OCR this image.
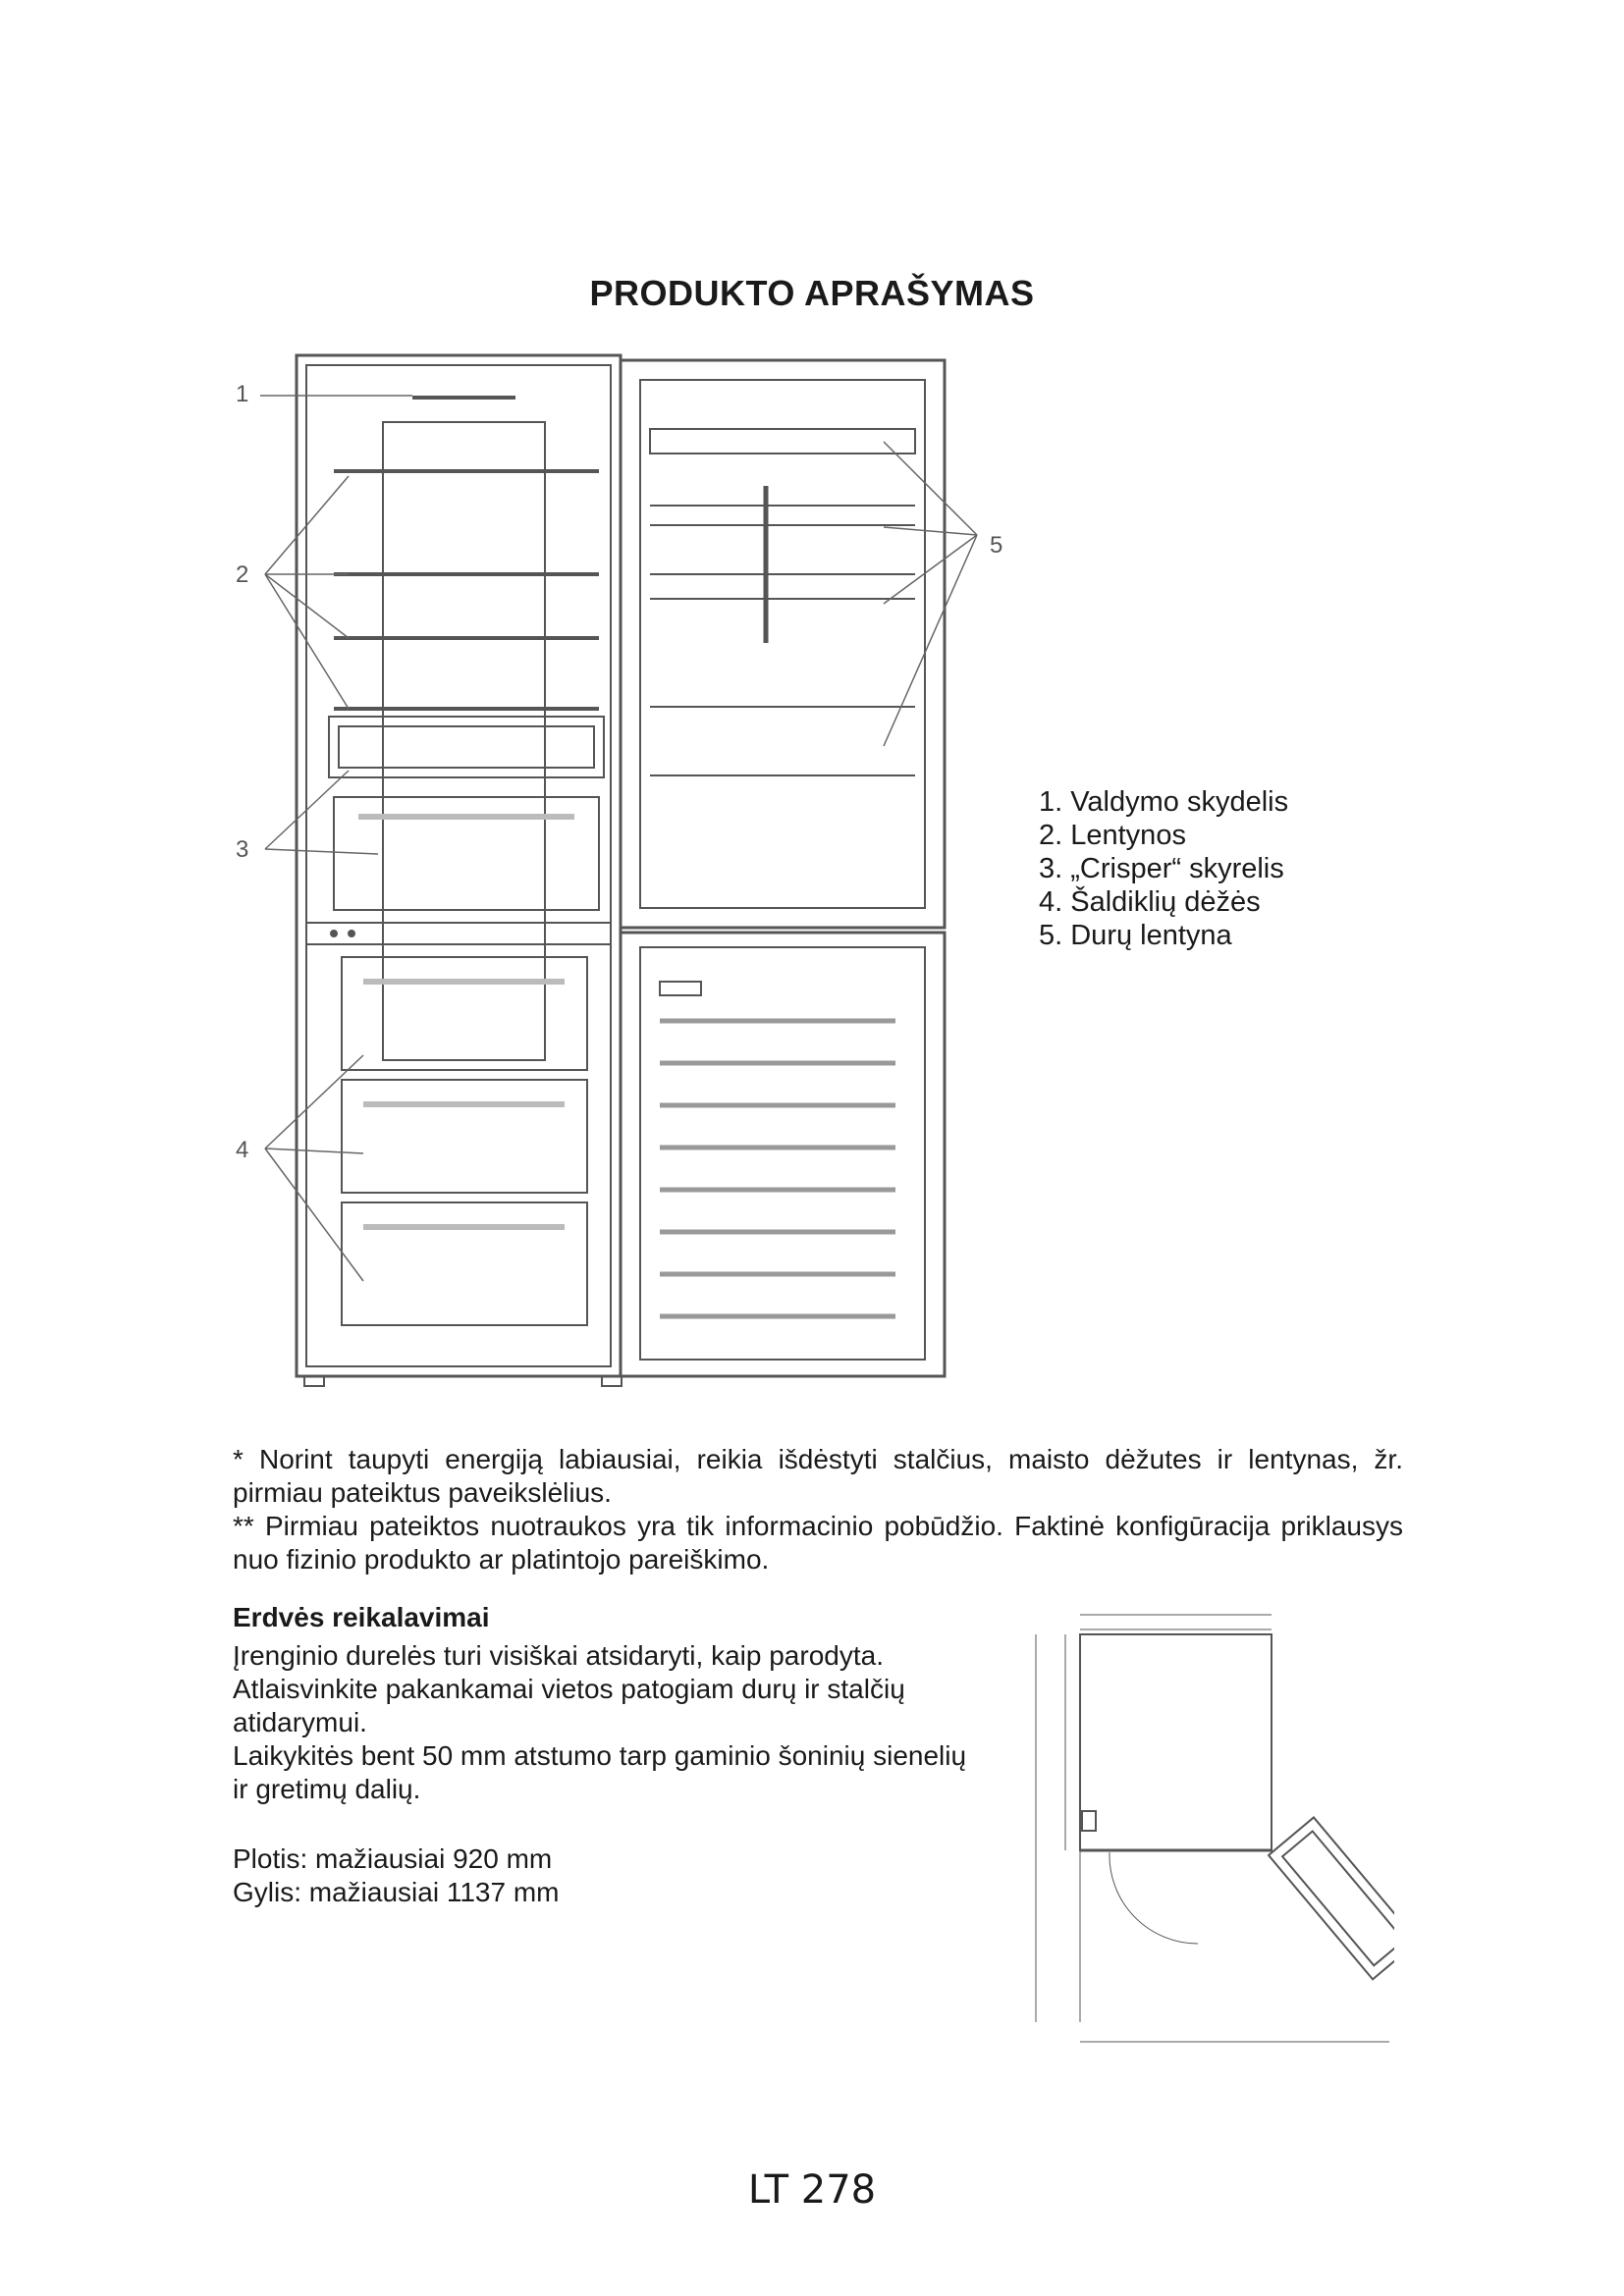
PRODUKTO APRAŠYMAS
1
2
3
4
5
1. Valdymo skydelis
2. Lentynos
3. „Crisper“ skyrelis
4. Šaldiklių dėžės
5. Durų lentyna

* Norint taupyti energiją labiausiai, reikia išdėstyti stalčius, maisto dėžutes ir lentynas, žr. pirmiau pateiktus paveikslėlius.

** Pirmiau pateiktos nuotraukos yra tik informacinio pobūdžio. Faktinė konfigūracija priklausys nuo fizinio produkto ar platintojo pareiškimo.

Erdvės reikalavimai

Įrenginio durelės turi visiškai atsidaryti, kaip parodyta.

Atlaisvinkite pakankamai vietos patogiam durų ir stalčių atidarymui.

Laikykitės bent 50 mm atstumo tarp gaminio šoninių sienelių ir gretimų dalių.

Plotis: mažiausiai 920 mm

Gylis: mažiausiai 1137 mm

LT 278
